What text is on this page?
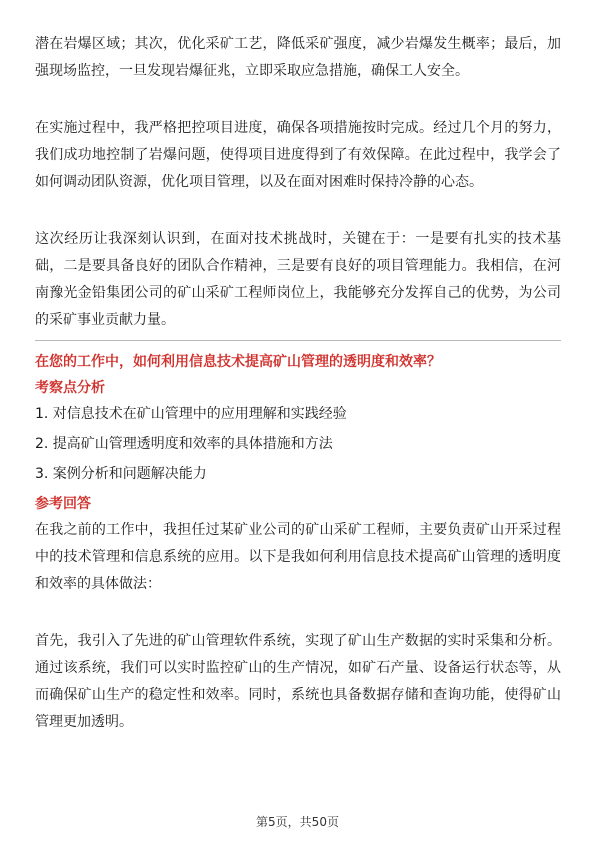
潜在岩爆区域；其次，优化采矿工艺，降低采矿强度，减少岩爆发生概率；最后，加强现场监控，一旦发现岩爆征兆，立即采取应急措施，确保工人安全。

在实施过程中，我严格把控项目进度，确保各项措施按时完成。经过几个月的努力，我们成功地控制了岩爆问题，使得项目进度得到了有效保障。在此过程中，我学会了如何调动团队资源，优化项目管理，以及在面对困难时保持冷静的心态。

这次经历让我深刻认识到，在面对技术挑战时，关键在于：一是要有扎实的技术基础，二是要具备良好的团队合作精神，三是要有良好的项目管理能力。我相信，在河南豫光金铅集团公司的矿山采矿工程师岗位上，我能够充分发挥自己的优势，为公司的采矿事业贡献力量。

在您的工作中，如何利用信息技术提高矿山管理的透明度和效率？

考察点分析

1. 对信息技术在矿山管理中的应用理解和实践经验
2. 提高矿山管理透明度和效率的具体措施和方法
3. 案例分析和问题解决能力

参考回答

在我之前的工作中，我担任过某矿业公司的矿山采矿工程师，主要负责矿山开采过程中的技术管理和信息系统的应用。以下是我如何利用信息技术提高矿山管理的透明度和效率的具体做法：

首先，我引入了先进的矿山管理软件系统，实现了矿山生产数据的实时采集和分析。通过该系统，我们可以实时监控矿山的生产情况，如矿石产量、设备运行状态等，从而确保矿山生产的稳定性和效率。同时，系统也具备数据存储和查询功能，使得矿山管理更加透明。

第5页，共50页
